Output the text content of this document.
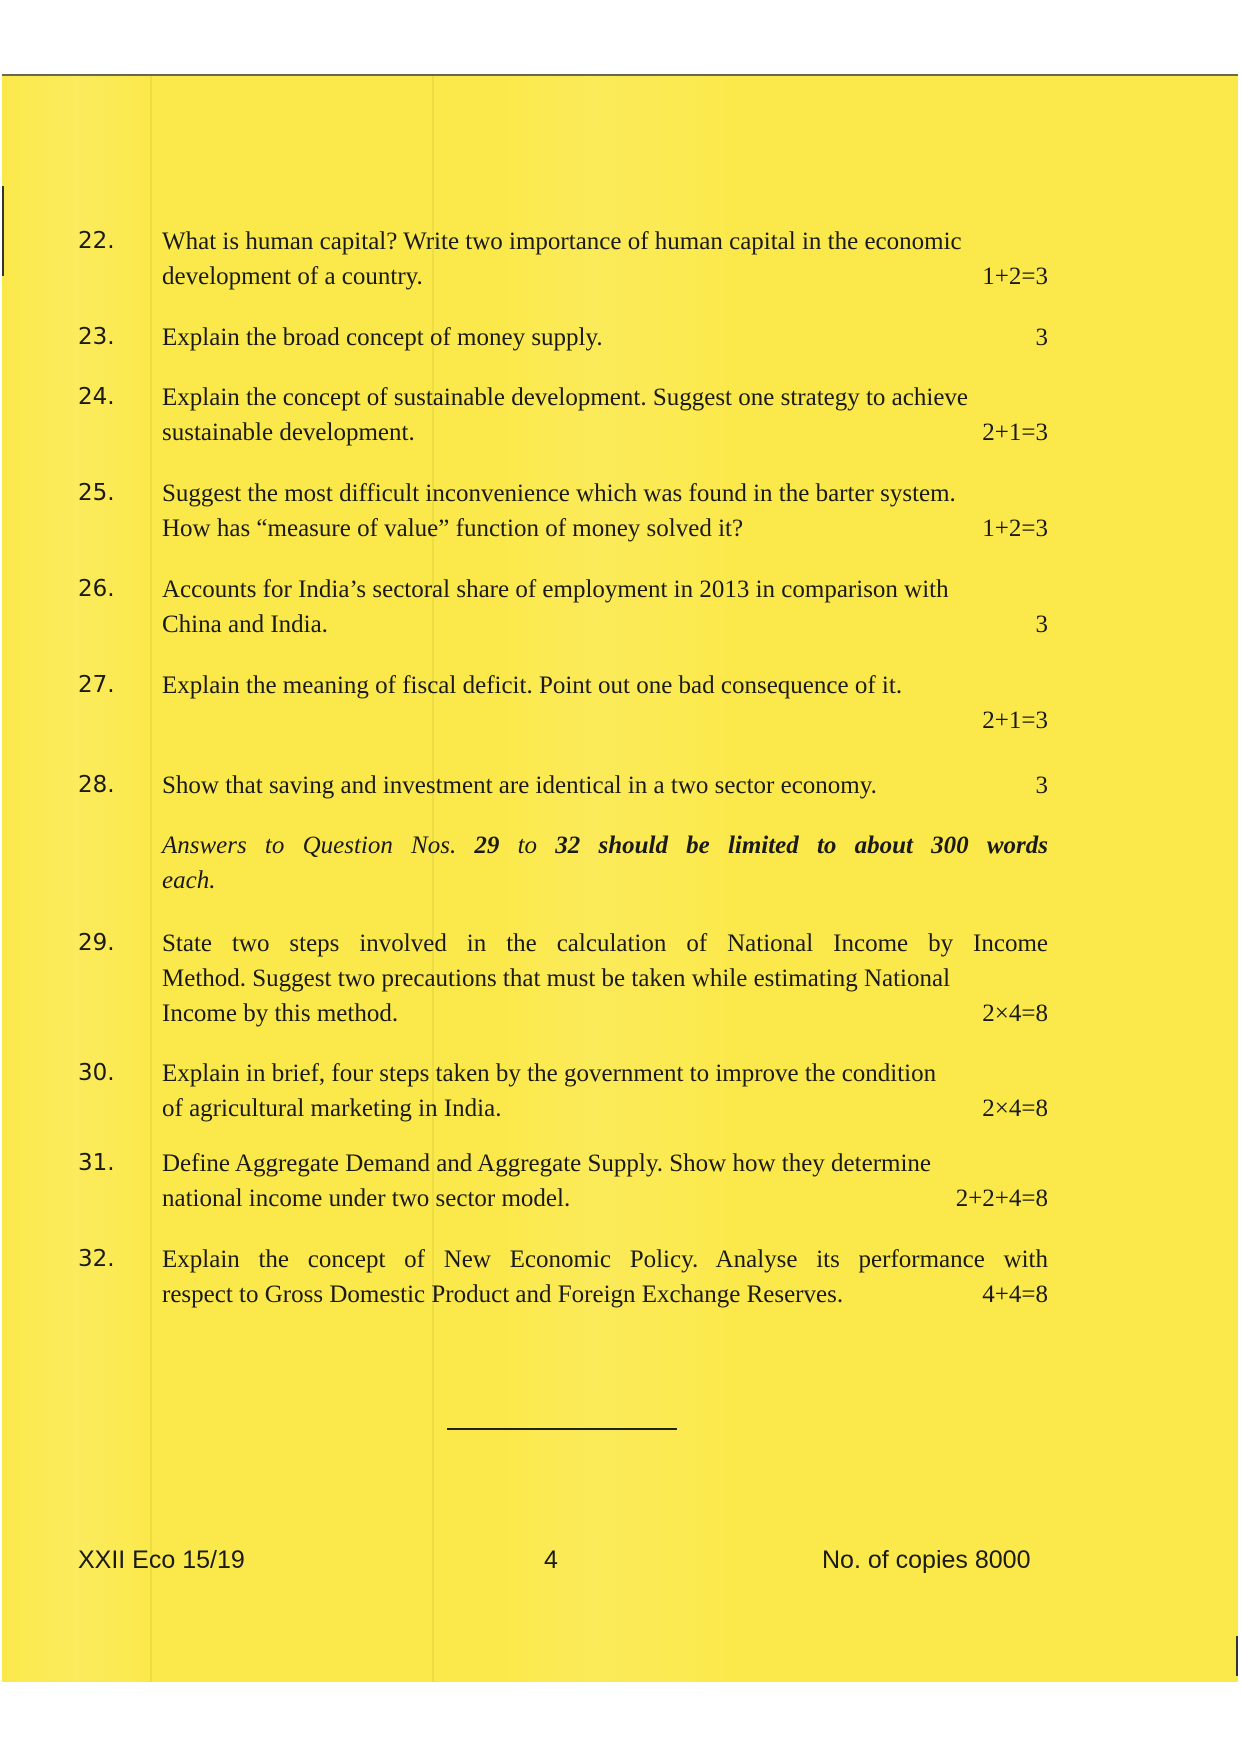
22. What is human capital? Write two importance of human capital in the economic
development of a country.	1+2=3
23. Explain the broad concept of money supply.	3
24. Explain the concept of sustainable development. Suggest one strategy to achieve
sustainable development.	2+1=3
25. Suggest the most difficult inconvenience which was found in the barter system.
How has “measure of value” function of money solved it?	1+2=3
26. Accounts for India’s sectoral share of employment in 2013 in comparison with
China and India.	3
27. Explain the meaning of fiscal deficit. Point out one bad consequence of it.
2+1=3
28. Show that saving and investment are identical in a two sector economy.	3
Answers to Question Nos. 29 to 32 should be limited to about 300 words
each.
29. State two steps involved in the calculation of National Income by Income
Method. Suggest two precautions that must be taken while estimating National
Income by this method.	2×4=8
30. Explain in brief, four steps taken by the government to improve the condition
of agricultural marketing in India.	2×4=8
31. Define Aggregate Demand and Aggregate Supply. Show how they determine
national income under two sector model.	2+2+4=8
32. Explain the concept of New Economic Policy. Analyse its performance with
respect to Gross Domestic Product and Foreign Exchange Reserves.	4+4=8
XXII Eco 15/19	4	No. of copies 8000
